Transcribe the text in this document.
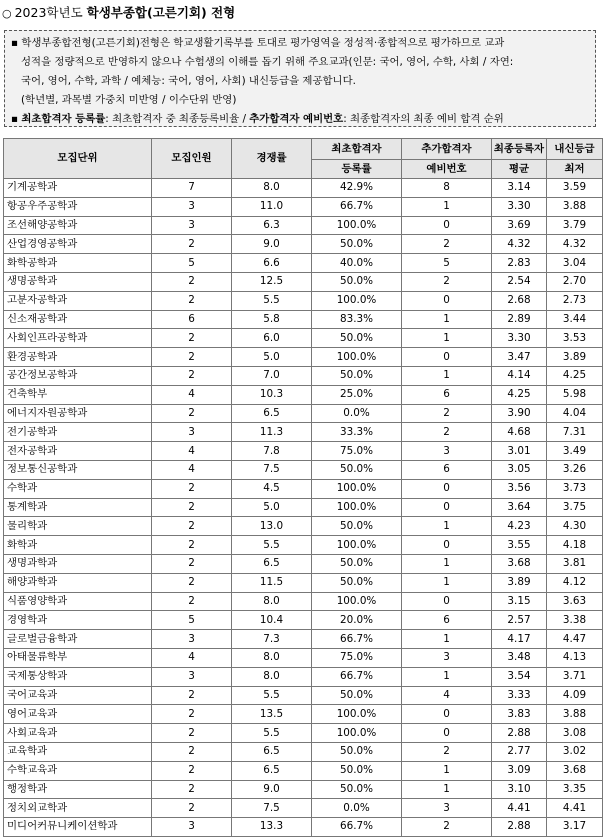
○ 2023학년도 학생부종합(고른기회) 전형
▪ 학생부종합전형(고른기회)전형은 학교생활기록부를 토대로 평가영역을 정성적·종합적으로 평가하므로 교과
성적을 정량적으로 반영하지 않으나 수험생의 이해를 돕기 위해 주요교과(인문: 국어, 영어, 수학, 사회 / 자연:
국어, 영어, 수학, 과학 / 예체능: 국어, 영어, 사회) 내신등급을 제공합니다.
(학년별, 과목별 가중치 미반영 / 이수단위 반영)
▪ 최초합격자 등록률: 최초합격자 중 최종등록비율 / 추가합격자 예비번호: 최종합격자의 최종 예비 합격 순위
모집단위	모집인원	경쟁률	최초합격자	추가합격자	최종등록자	내신등급
			등록률	예비번호	평균	최저
기계공학과	7	8.0	42.9%	8	3.14	3.59
항공우주공학과	3	11.0	66.7%	1	3.30	3.88
조선해양공학과	3	6.3	100.0%	0	3.69	3.79
산업경영공학과	2	9.0	50.0%	2	4.32	4.32
화학공학과	5	6.6	40.0%	5	2.83	3.04
생명공학과	2	12.5	50.0%	2	2.54	2.70
고분자공학과	2	5.5	100.0%	0	2.68	2.73
신소재공학과	6	5.8	83.3%	1	2.89	3.44
사회인프라공학과	2	6.0	50.0%	1	3.30	3.53
환경공학과	2	5.0	100.0%	0	3.47	3.89
공간정보공학과	2	7.0	50.0%	1	4.14	4.25
건축학부	4	10.3	25.0%	6	4.25	5.98
에너지자원공학과	2	6.5	0.0%	2	3.90	4.04
전기공학과	3	11.3	33.3%	2	4.68	7.31
전자공학과	4	7.8	75.0%	3	3.01	3.49
정보통신공학과	4	7.5	50.0%	6	3.05	3.26
수학과	2	4.5	100.0%	0	3.56	3.73
통계학과	2	5.0	100.0%	0	3.64	3.75
물리학과	2	13.0	50.0%	1	4.23	4.30
화학과	2	5.5	100.0%	0	3.55	4.18
생명과학과	2	6.5	50.0%	1	3.68	3.81
해양과학과	2	11.5	50.0%	1	3.89	4.12
식품영양학과	2	8.0	100.0%	0	3.15	3.63
경영학과	5	10.4	20.0%	6	2.57	3.38
글로벌금융학과	3	7.3	66.7%	1	4.17	4.47
아태물류학부	4	8.0	75.0%	3	3.48	4.13
국제통상학과	3	8.0	66.7%	1	3.54	3.71
국어교육과	2	5.5	50.0%	4	3.33	4.09
영어교육과	2	13.5	100.0%	0	3.83	3.88
사회교육과	2	5.5	100.0%	0	2.88	3.08
교육학과	2	6.5	50.0%	2	2.77	3.02
수학교육과	2	6.5	50.0%	1	3.09	3.68
행정학과	2	9.0	50.0%	1	3.10	3.35
정치외교학과	2	7.5	0.0%	3	4.41	4.41
미디어커뮤니케이션학과	3	13.3	66.7%	2	2.88	3.17
